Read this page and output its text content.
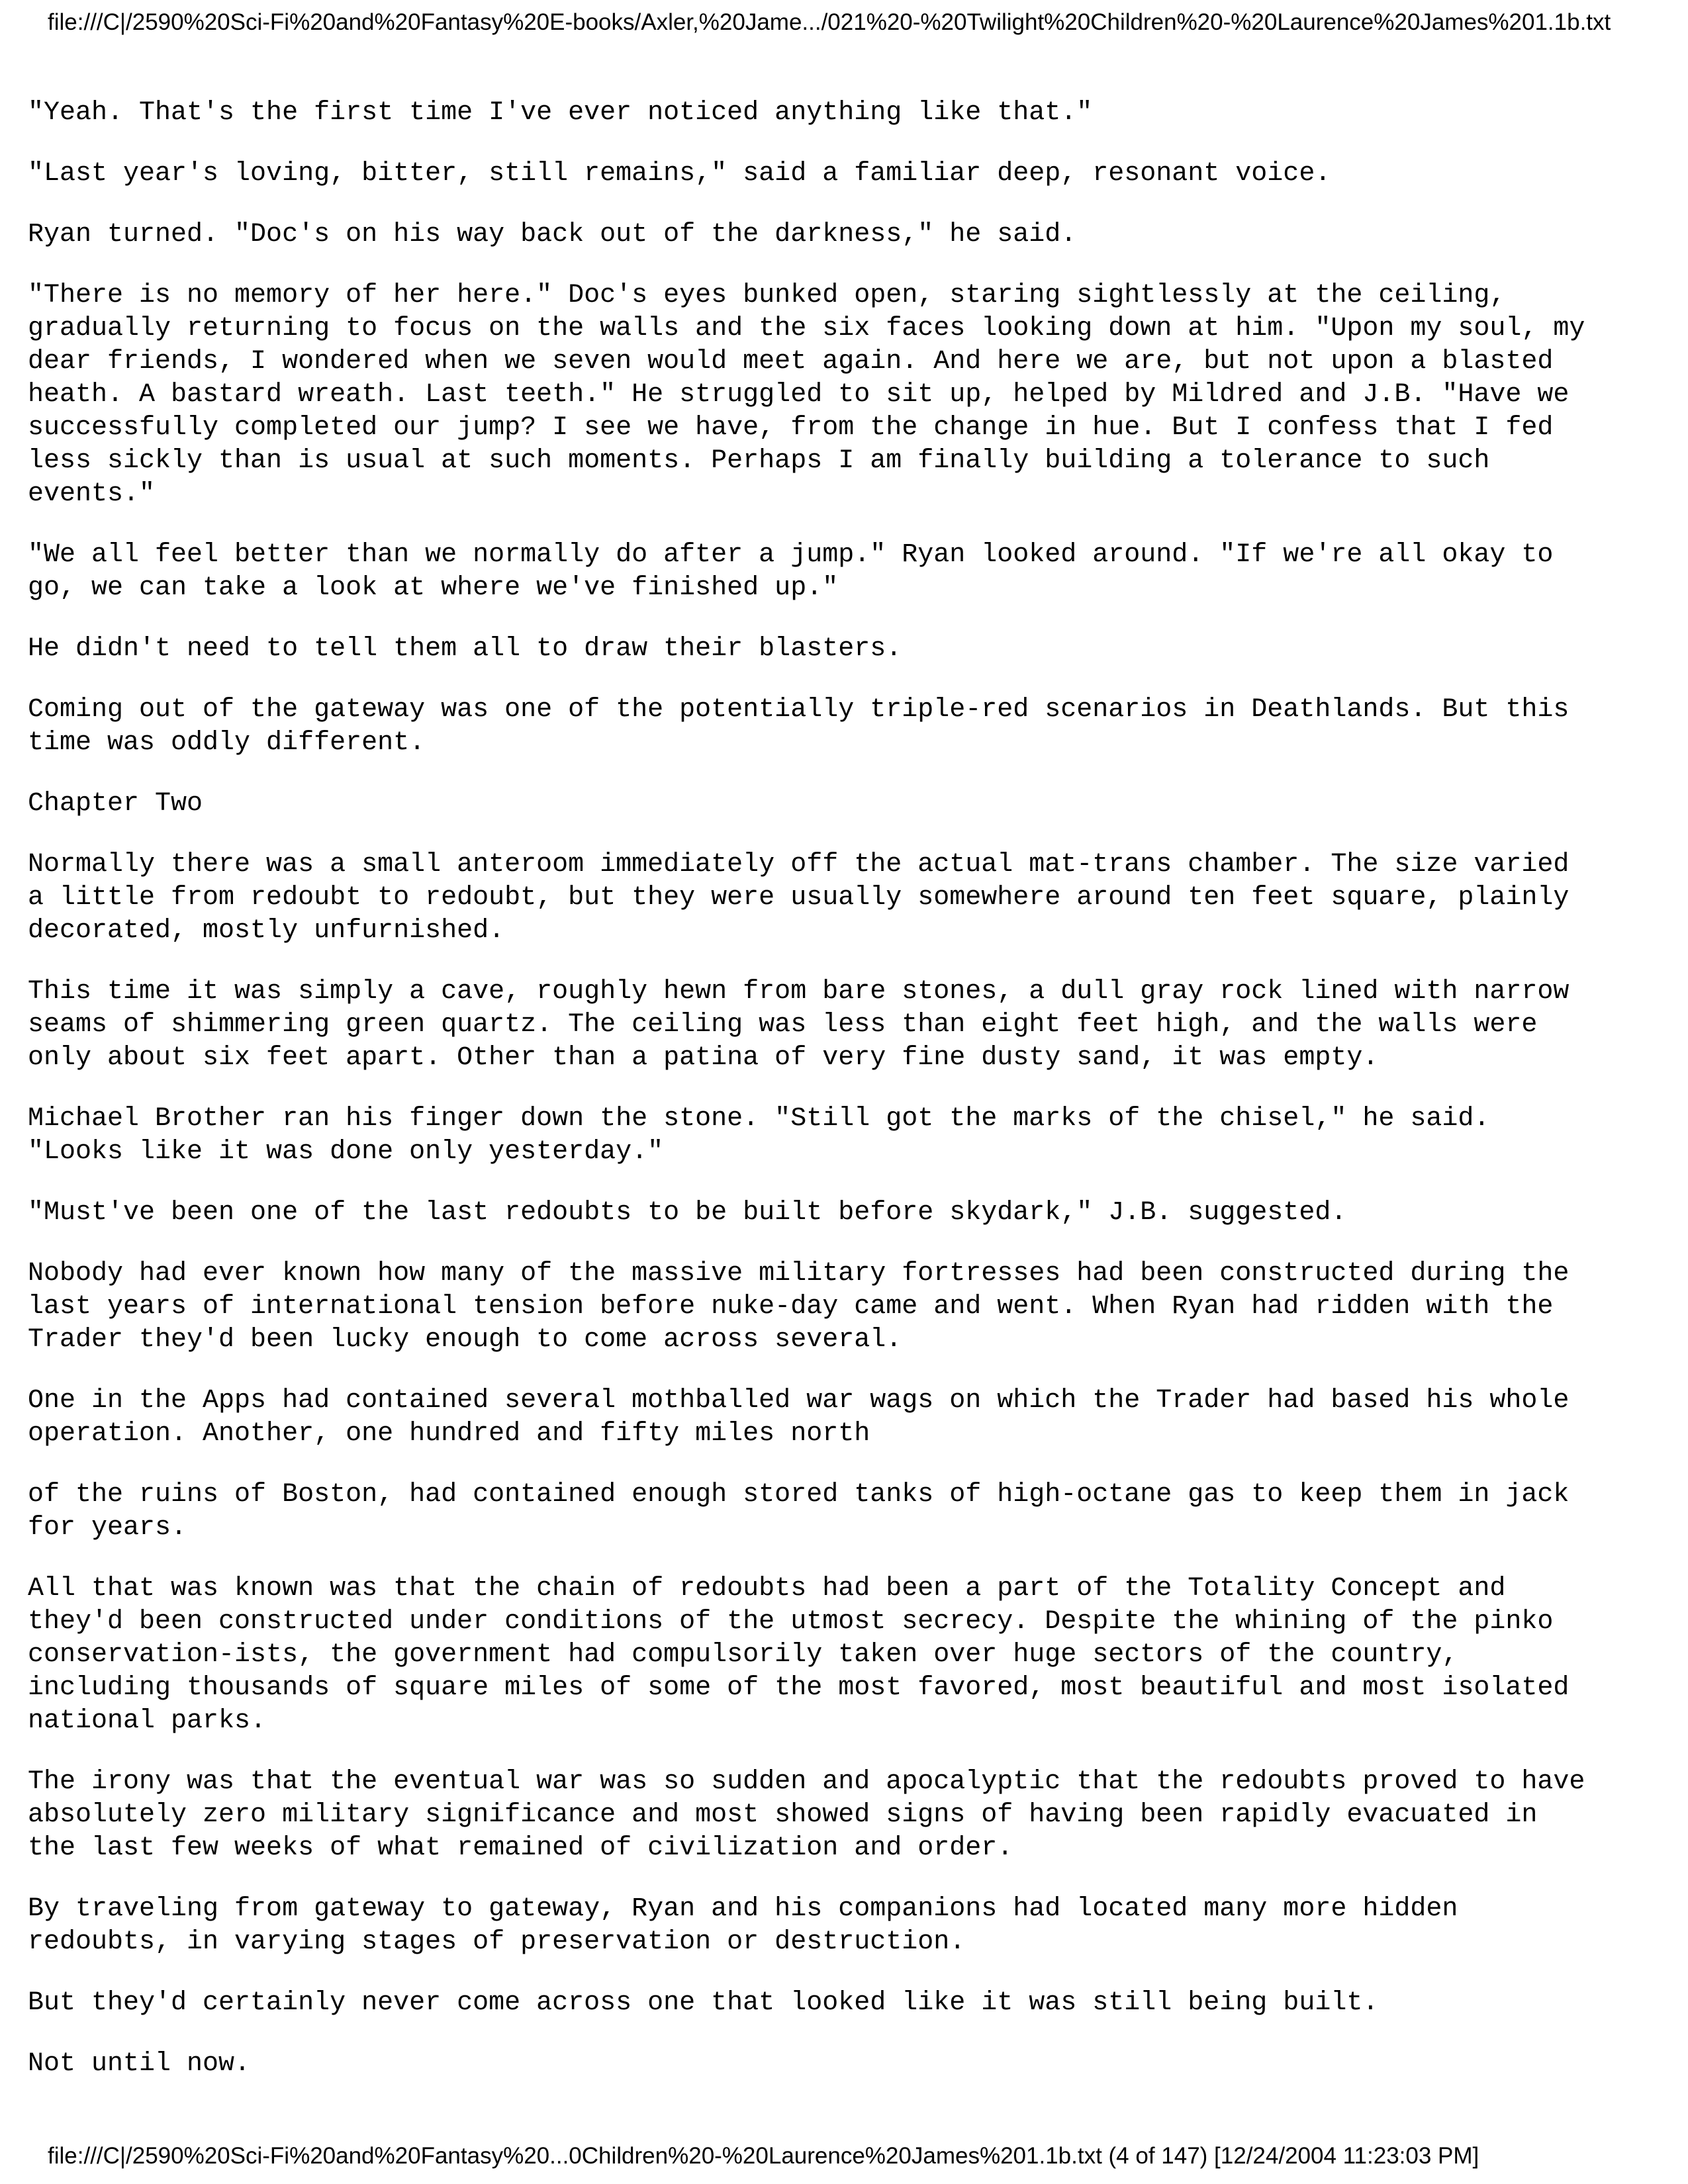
file:///C|/2590%20Sci-Fi%20and%20Fantasy%20E-books/Axler,%20Jame.../021%20-%20Twilight%20Children%20-%20Laurence%20James%201.1b.txt

"Yeah. That's the first time I've ever noticed anything like that."

"Last year's loving, bitter, still remains," said a familiar deep, resonant voice.

Ryan turned. "Doc's on his way back out of the darkness," he said.

"There is no memory of her here." Doc's eyes bunked open, staring sightlessly at the ceiling,
gradually returning to focus on the walls and the six faces looking down at him. "Upon my soul, my
dear friends, I wondered when we seven would meet again. And here we are, but not upon a blasted
heath. A bastard wreath. Last teeth." He struggled to sit up, helped by Mildred and J.B. "Have we
successfully completed our jump? I see we have, from the change in hue. But I confess that I fed
less sickly than is usual at such moments. Perhaps I am finally building a tolerance to such
events."

"We all feel better than we normally do after a jump." Ryan looked around. "If we're all okay to
go, we can take a look at where we've finished up."

He didn't need to tell them all to draw their blasters.

Coming out of the gateway was one of the potentially triple-red scenarios in Deathlands. But this
time was oddly different.

Chapter Two

Normally there was a small anteroom immediately off the actual mat-trans chamber. The size varied
a little from redoubt to redoubt, but they were usually somewhere around ten feet square, plainly
decorated, mostly unfurnished.

This time it was simply a cave, roughly hewn from bare stones, a dull gray rock lined with narrow
seams of shimmering green quartz. The ceiling was less than eight feet high, and the walls were
only about six feet apart. Other than a patina of very fine dusty sand, it was empty.

Michael Brother ran his finger down the stone. "Still got the marks of the chisel," he said.
"Looks like it was done only yesterday."

"Must've been one of the last redoubts to be built before skydark," J.B. suggested.

Nobody had ever known how many of the massive military fortresses had been constructed during the
last years of international tension before nuke-day came and went. When Ryan had ridden with the
Trader they'd been lucky enough to come across several.

One in the Apps had contained several mothballed war wags on which the Trader had based his whole
operation. Another, one hundred and fifty miles north

of the ruins of Boston, had contained enough stored tanks of high-octane gas to keep them in jack
for years.

All that was known was that the chain of redoubts had been a part of the Totality Concept and
they'd been constructed under conditions of the utmost secrecy. Despite the whining of the pinko
conservation-ists, the government had compulsorily taken over huge sectors of the country,
including thousands of square miles of some of the most favored, most beautiful and most isolated
national parks.

The irony was that the eventual war was so sudden and apocalyptic that the redoubts proved to have
absolutely zero military significance and most showed signs of having been rapidly evacuated in
the last few weeks of what remained of civilization and order.

By traveling from gateway to gateway, Ryan and his companions had located many more hidden
redoubts, in varying stages of preservation or destruction.

But they'd certainly never come across one that looked like it was still being built.

Not until now.

file:///C|/2590%20Sci-Fi%20and%20Fantasy%20...0Children%20-%20Laurence%20James%201.1b.txt (4 of 147) [12/24/2004 11:23:03 PM]
